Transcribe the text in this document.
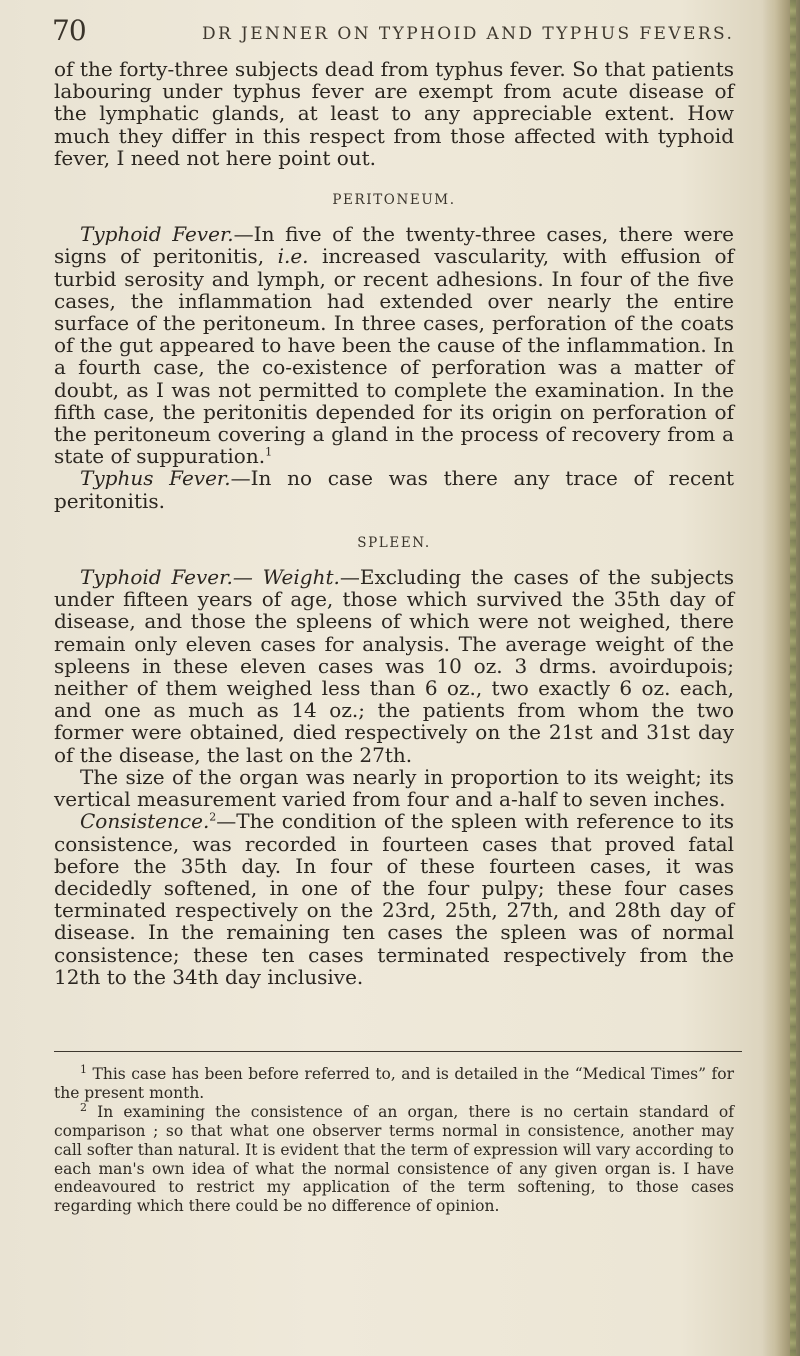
70	DR JENNER ON TYPHOID AND TYPHUS FEVERS.

of the forty-three subjects dead from typhus fever. So that patients labouring under typhus fever are exempt from acute disease of the lymphatic glands, at least to any appreciable extent. How much they differ in this respect from those affected with typhoid fever, I need not here point out.

PERITONEUM.

Typhoid Fever.—In five of the twenty-three cases, there were signs of peritonitis, i.e. increased vascularity, with effusion of turbid serosity and lymph, or recent adhesions. In four of the five cases, the inflammation had extended over nearly the entire surface of the peritoneum. In three cases, perforation of the coats of the gut appeared to have been the cause of the inflammation. In a fourth case, the co-existence of perforation was a matter of doubt, as I was not permitted to complete the examination. In the fifth case, the peritonitis depended for its origin on perforation of the peritoneum covering a gland in the process of recovery from a state of suppuration.$^1$

Typhus Fever.—In no case was there any trace of recent peritonitis.

SPLEEN.

Typhoid Fever.— Weight.—Excluding the cases of the subjects under fifteen years of age, those which survived the 35th day of disease, and those the spleens of which were not weighed, there remain only eleven cases for analysis. The average weight of the spleens in these eleven cases was 10 oz. 3 drms. avoirdupois; neither of them weighed less than 6 oz., two exactly 6 oz. each, and one as much as 14 oz.; the patients from whom the two former were obtained, died respectively on the 21st and 31st day of the disease, the last on the 27th.

The size of the organ was nearly in proportion to its weight; its vertical measurement varied from four and a-half to seven inches.

Consistence.$^2$—The condition of the spleen with reference to its consistence, was recorded in fourteen cases that proved fatal before the 35th day. In four of these fourteen cases, it was decidedly softened, in one of the four pulpy; these four cases terminated respectively on the 23rd, 25th, 27th, and 28th day of disease. In the remaining ten cases the spleen was of normal consistence; these ten cases terminated respectively from the 12th to the 34th day inclusive.

$^1$ This case has been before referred to, and is detailed in the “Medical Times” for the present month.

$^2$ In examining the consistence of an organ, there is no certain standard of comparison ; so that what one observer terms normal in consistence, another may call softer than natural. It is evident that the term of expression will vary according to each man's own idea of what the normal consistence of any given organ is. I have endeavoured to restrict my application of the term softening, to those cases regarding which there could be no difference of opinion.
